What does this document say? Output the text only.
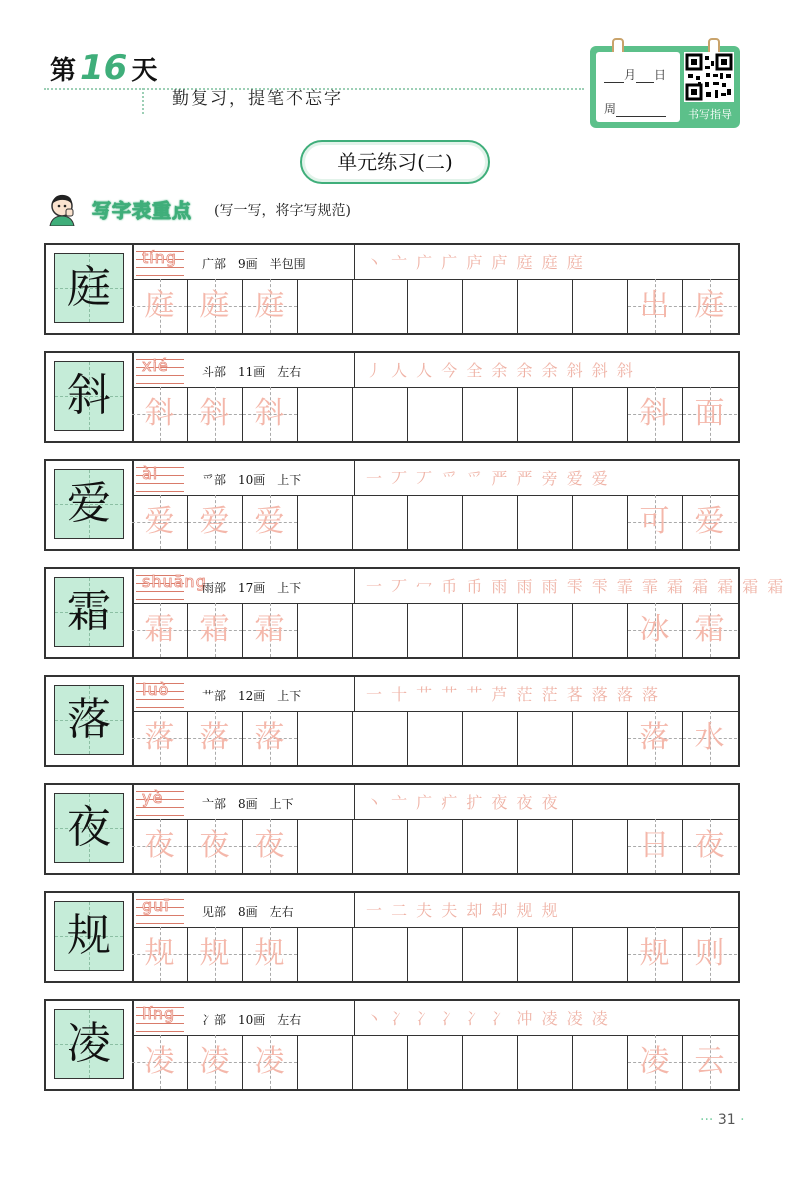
第 16 天
勤复习，提笔不忘字
月 日
周	书写指导
单元练习(二)
写字表重点 (写一写，将字写规范)
庭
tíng 广部　9画　半包围	丶 亠 广 广 庐 庐 庭 庭 庭
庭 庭 庭	出 庭
斜
xié	斗部　11画　左右	丿 人 人 今 全 余 余 余 斜 斜 斜
斜 斜 斜	斜 面
爱
ài	爫部　10画　上下	一 丆 丆 爫 爫 严 严 旁 爱 爱
爱 爱 爱	可 爱
霜
shuāng
雨部　17画　上下	一 丆 冖 币 币 雨 雨 雨 雫 雫 霏 霏 霜 霜 霜 霜 霜
霜 霜 霜	冰 霜
落
luò	艹部　12画　上下	一 十 艹 艹 艹 芦 茫 茫 茖 落 落 落
落 落 落	落 水
夜
yè	亠部　8画　上下	丶 亠 广 疒 扩 夜 夜 夜
夜 夜 夜	日 夜
规
guī	见部　8画　左右	一 二 夫 夫 却 却 规 规
规 规 规	规 则
凌
líng 冫部　10画　左右	丶 冫 冫 冫 冫 冫 冲 凌 凌 凌
凌 凌 凌	凌 云
··· 31 ·
